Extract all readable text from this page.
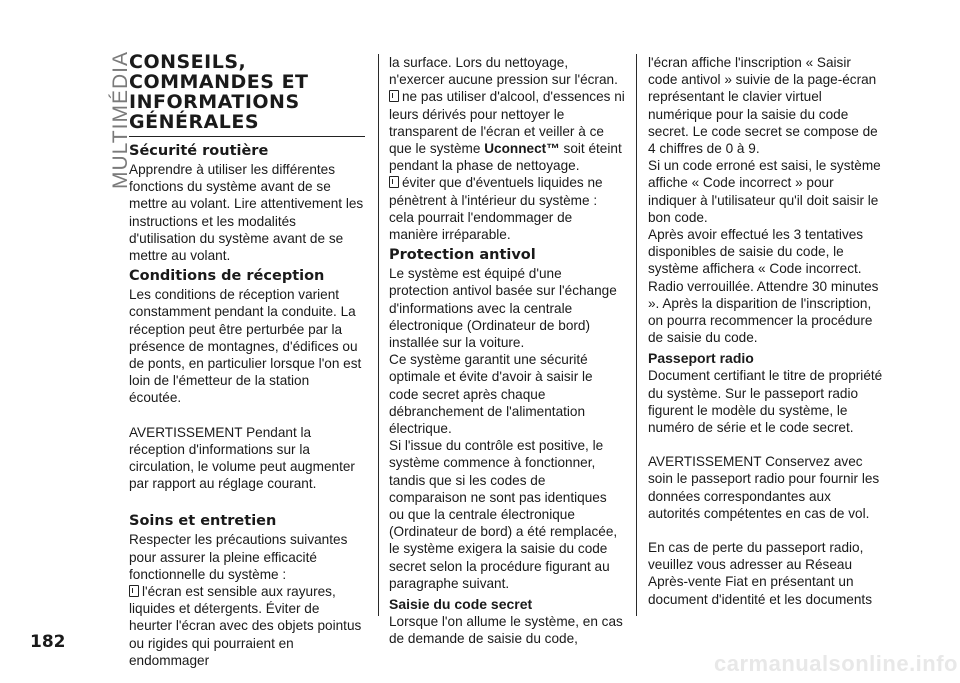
MULTIMÉDIA
CONSEILS,
COMMANDES ET
INFORMATIONS
GÉNÉRALES
Sécurité routière

Apprendre à utiliser les différentes fonctions du système avant de se mettre au volant. Lire attentivement les instructions et les modalités d'utilisation du système avant de se mettre au volant.

Conditions de réception

Les conditions de réception varient constamment pendant la conduite. La réception peut être perturbée par la présence de montagnes, d'édifices ou de ponts, en particulier lorsque l'on est loin de l'émetteur de la station écoutée.

AVERTISSEMENT Pendant la réception d'informations sur la circulation, le volume peut augmenter par rapport au réglage courant.

Soins et entretien

Respecter les précautions suivantes pour assurer la pleine efficacité fonctionnelle du système :

l'écran est sensible aux rayures, liquides et détergents. Éviter de heurter l'écran avec des objets pointus ou rigides qui pourraient en endommager

la surface. Lors du nettoyage, n'exercer aucune pression sur l'écran.

ne pas utiliser d'alcool, d'essences ni leurs dérivés pour nettoyer le transparent de l'écran et veiller à ce que le système Uconnect™ soit éteint pendant la phase de nettoyage.

éviter que d'éventuels liquides ne pénètrent à l'intérieur du système : cela pourrait l'endommager de manière irréparable.

Protection antivol

Le système est équipé d'une protection antivol basée sur l'échange d'informations avec la centrale électronique (Ordinateur de bord) installée sur la voiture.

Ce système garantit une sécurité optimale et évite d'avoir à saisir le code secret après chaque débranchement de l'alimentation électrique.

Si l'issue du contrôle est positive, le système commence à fonctionner, tandis que si les codes de comparaison ne sont pas identiques ou que la centrale électronique (Ordinateur de bord) a été remplacée, le système exigera la saisie du code secret selon la procédure figurant au paragraphe suivant.

Saisie du code secret

Lorsque l'on allume le système, en cas de demande de saisie du code,

l'écran affiche l'inscription « Saisir code antivol » suivie de la page-écran représentant le clavier virtuel numérique pour la saisie du code secret. Le code secret se compose de 4 chiffres de 0 à 9.

Si un code erroné est saisi, le système affiche « Code incorrect » pour indiquer à l'utilisateur qu'il doit saisir le bon code.

Après avoir effectué les 3 tentatives disponibles de saisie du code, le système affichera « Code incorrect. Radio verrouillée. Attendre 30 minutes ». Après la disparition de l'inscription, on pourra recommencer la procédure de saisie du code.

Passeport radio

Document certifiant le titre de propriété du système. Sur le passeport radio figurent le modèle du système, le numéro de série et le code secret.

AVERTISSEMENT Conservez avec soin le passeport radio pour fournir les données correspondantes aux autorités compétentes en cas de vol.

En cas de perte du passeport radio, veuillez vous adresser au Réseau Après-vente Fiat en présentant un document d'identité et les documents

182
carmanualsonline.info
